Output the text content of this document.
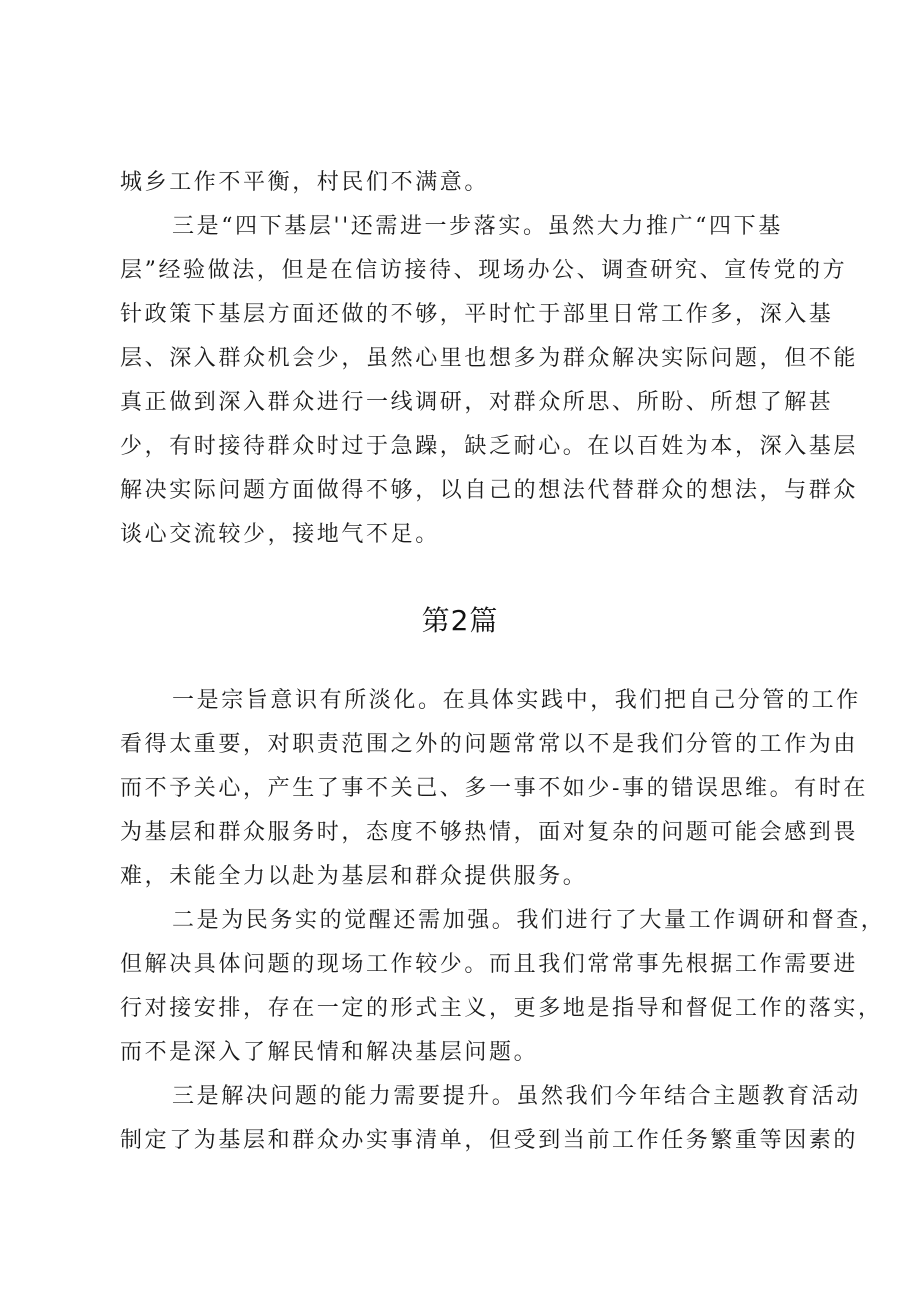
城乡工作不平衡，村民们不满意。
三是“四下基层''还需进一步落实。虽然大力推广“四下基
层”经验做法，但是在信访接待、现场办公、调查研究、宣传党的方
针政策下基层方面还做的不够，平时忙于部里日常工作多，深入基
层、深入群众机会少，虽然心里也想多为群众解决实际问题，但不能
真正做到深入群众进行一线调研，对群众所思、所盼、所想了解甚
少，有时接待群众时过于急躁，缺乏耐心。在以百姓为本，深入基层
解决实际问题方面做得不够，以自己的想法代替群众的想法，与群众
谈心交流较少，接地气不足。
第2篇
一是宗旨意识有所淡化。在具体实践中，我们把自己分管的工作
看得太重要，对职责范围之外的问题常常以不是我们分管的工作为由
而不予关心，产生了事不关己、多一事不如少-事的错误思维。有时在
为基层和群众服务时，态度不够热情，面对复杂的问题可能会感到畏
难，未能全力以赴为基层和群众提供服务。
二是为民务实的觉醒还需加强。我们进行了大量工作调研和督查，
但解决具体问题的现场工作较少。而且我们常常事先根据工作需要进
行对接安排，存在一定的形式主义，更多地是指导和督促工作的落实，
而不是深入了解民情和解决基层问题。
三是解决问题的能力需要提升。虽然我们今年结合主题教育活动
制定了为基层和群众办实事清单，但受到当前工作任务繁重等因素的
